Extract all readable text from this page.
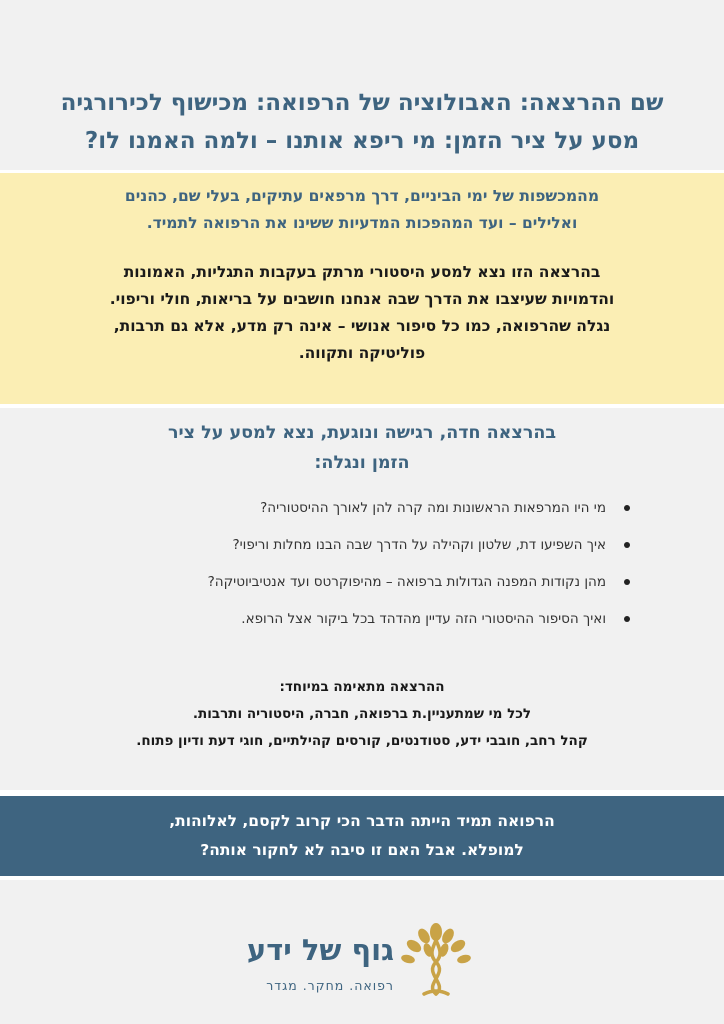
שם ההרצאה: האבולוציה של הרפואה: מכישוף לכירורגיה
מסע על ציר הזמן: מי ריפא אותנו – ולמה האמנו לו?
מהמכשפות של ימי הביניים, דרך מרפאים עתיקים, בעלי שם, כהנים
ואלילים – ועד המהפכות המדעיות ששינו את הרפואה לתמיד.
בהרצאה הזו נצא למסע היסטורי מרתק בעקבות התגליות, האמונות
והדמויות שעיצבו את הדרך שבה אנחנו חושבים על בריאות, חולי וריפוי.
נגלה שהרפואה, כמו כל סיפור אנושי – אינה רק מדע, אלא גם תרבות,
פוליטיקה ותקווה.
בהרצאה חדה, רגישה ונוגעת, נצא למסע על ציר
הזמן ונגלה:
מי היו המרפאות הראשונות ומה קרה להן לאורך ההיסטוריה?
איך השפיעו דת, שלטון וקהילה על הדרך שבה הבנו מחלות וריפוי?
מהן נקודות המפנה הגדולות ברפואה – מהיפוקרטס ועד אנטיביוטיקה?
ואיך הסיפור ההיסטורי הזה עדיין מהדהד בכל ביקור אצל הרופא.
ההרצאה מתאימה במיוחד:
לכל מי שמתעניין.ת ברפואה, חברה, היסטוריה ותרבות.
קהל רחב, חובבי ידע, סטודנטים, קורסים קהילתיים, חוגי דעת ודיון פתוח.
הרפואה תמיד הייתה הדבר הכי קרוב לקסם, לאלוהות,
למופלא. אבל האם זו סיבה לא לחקור אותה?
גוף של ידע
רפואה. מחקר. מגדר
